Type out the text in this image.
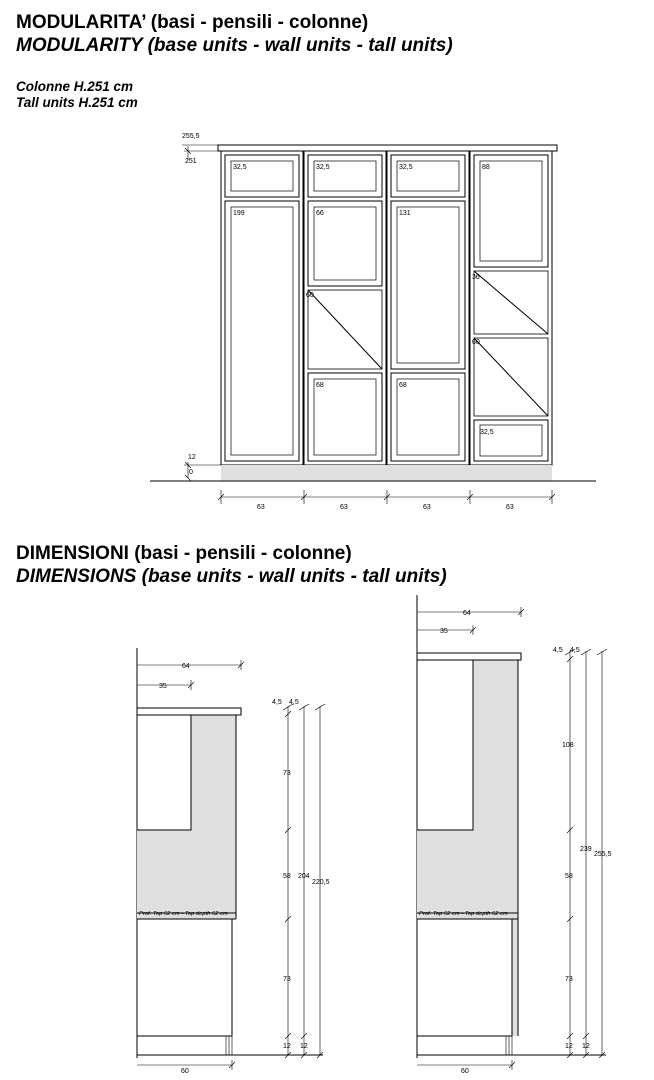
MODULARITA’ (basi - pensili - colonne)
MODULARITY (base units - wall units - tall units)
Colonne H.251 cm
Tall units H.251 cm
DIMENSIONI (basi - pensili - colonne)
DIMENSIONS (base units - wall units - tall units)
255,5
251
12
0
32,5
199
32,5
66
60
68
32,5
131
68
88
36
60
32,5
63	63	63	63
64
35
60
4,5 4,5
73
58
73
12 12
204
220,5
Prof. Top 62 cm - Top depth 62 cm
64
35
60
4,5 4,5
108
58
73
12 12
239
255,5
Prof. Top 62 cm - Top depth 62 cm
